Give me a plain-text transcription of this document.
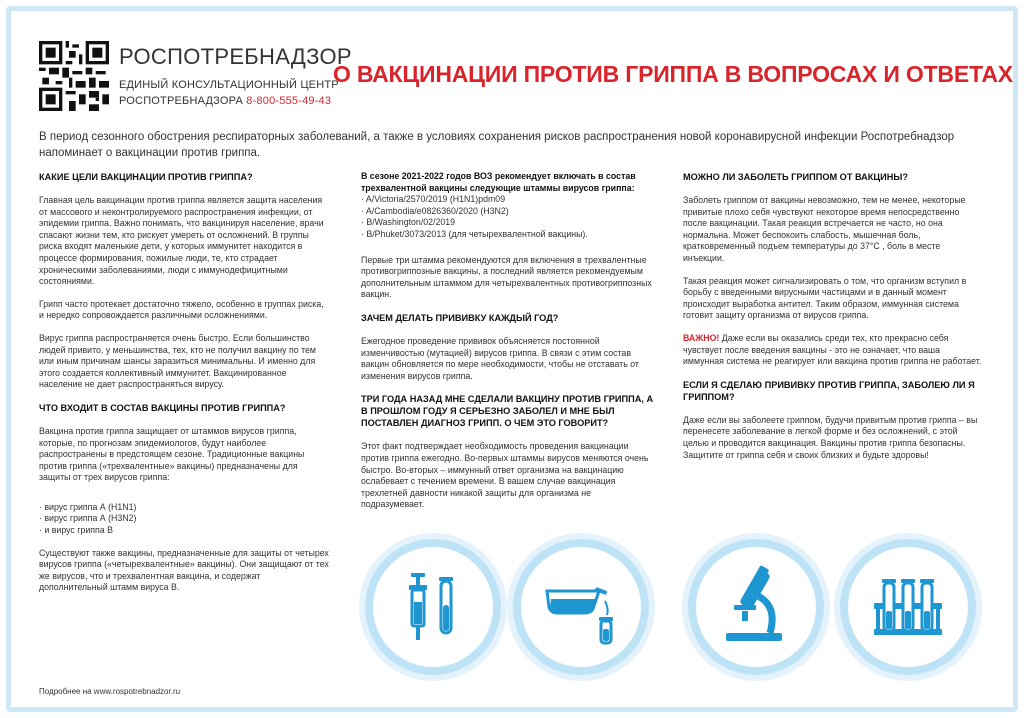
РОСПОТРЕБНАДЗОР
ЕДИНЫЙ КОНСУЛЬТАЦИОННЫЙ ЦЕНТР
РОСПОТРЕБНАДЗОРА 8-800-555-49-43
О ВАКЦИНАЦИИ ПРОТИВ ГРИППА В ВОПРОСАХ И ОТВЕТАХ
В период сезонного обострения респираторных заболеваний, а также в условиях сохранения рисков распространения новой коронавирусной инфекции Роспотребнадзор напоминает о вакцинации против гриппа.
КАКИЕ ЦЕЛИ ВАКЦИНАЦИИ ПРОТИВ ГРИППА?
Главная цель вакцинации против гриппа является защита населения от массового и неконтролируемого распространения инфекции, от эпидемии гриппа. Важно понимать, что вакцинируя население, врачи спасают жизни тем, кто рискует умереть от осложнений. В группы риска входят маленькие дети, у которых иммунитет находится в процессе формирования, пожилые люди, те, кто страдает хроническими заболеваниями, люди с иммунодефицитными состояниями.
Грипп часто протекает достаточно тяжело, особенно в группах риска, и нередко сопровождается различными осложнениями.
Вирус гриппа распространяется очень быстро. Если большинство людей привито, у меньшинства, тех, кто не получил вакцину по тем или иным причинам шансы заразиться минимальны. И именно для этого создается коллективный иммунитет. Вакцинированное население не дает распространяться вирусу.
ЧТО ВХОДИТ В СОСТАВ ВАКЦИНЫ ПРОТИВ ГРИППА?
Вакцина против гриппа защищает от штаммов вирусов гриппа, которые, по прогнозам эпидемиологов, будут наиболее распространены в предстоящем сезоне. Традиционные вакцины против гриппа («трехвалентные» вакцины) предназначены для защиты от трех вирусов гриппа:
· вирус гриппа А (H1N1)
· вирус гриппа А (H3N2)
· и вирус гриппа В
Существуют также вакцины, предназначенные для защиты от четырех вирусов гриппа («четырехвалентные» вакцины). Они защищают от тех же вирусов, что и трехвалентная вакцина, и содержат дополнительный штамм вируса В.
В сезоне 2021-2022 годов ВОЗ рекомендует включать в состав трехвалентной вакцины следующие штаммы вирусов гриппа:
· A/Victoria/2570/2019 (H1N1)pdm09
· A/Cambodia/e0826360/2020 (H3N2)
· B/Washington/02/2019
· B/Phuket/3073/2013 (для четырехвалентной вакцины).
Первые три штамма рекомендуются для включения в трехвалентные противогриппозные вакцины, а последний является рекомендуемым дополнительным штаммом для четырехвалентных противогриппозных вакцин.
ЗАЧЕМ ДЕЛАТЬ ПРИВИВКУ КАЖДЫЙ ГОД?
Ежегодное проведение прививок объясняется постоянной изменчивостью (мутацией) вирусов гриппа. В связи с этим состав вакцин обновляется по мере необходимости, чтобы не отставать от изменения вирусов гриппа.
ТРИ ГОДА НАЗАД МНЕ СДЕЛАЛИ ВАКЦИНУ ПРОТИВ ГРИППА, А В ПРОШЛОМ ГОДУ Я СЕРЬЕЗНО ЗАБОЛЕЛ И МНЕ БЫЛ ПОСТАВЛЕН ДИАГНОЗ ГРИПП. О ЧЕМ ЭТО ГОВОРИТ?
Этот факт подтверждает необходимость проведения вакцинации против гриппа ежегодно. Во-первых штаммы вирусов меняются очень быстро. Во-вторых – иммунный ответ организма на вакцинацию ослабевает с течением времени. В вашем случае вакцинация трехлетней давности никакой защиты для организма не подразумевает.
МОЖНО ЛИ ЗАБОЛЕТЬ ГРИППОМ ОТ ВАКЦИНЫ?
Заболеть гриппом от вакцины невозможно, тем не менее, некоторые привитые плохо себя чувствуют некоторое время непосредственно после вакцинации. Такая реакция встречается не часто, но она нормальна. Может беспокоить слабость, мышечная боль, кратковременный подъем температуры до 37°С , боль в месте инъекции.
Такая реакция может сигнализировать о том, что организм вступил в борьбу с введенными вирусными частицами и в данный момент происходит выработка антител. Таким образом, иммунная система готовит защиту организма от вирусов гриппа.
ВАЖНО! Даже если вы оказались среди тех, кто прекрасно себя чувствует после введения вакцины - это не означает, что ваша иммунная система не реагирует или вакцина против гриппа не работает.
ЕСЛИ Я СДЕЛАЮ ПРИВИВКУ ПРОТИВ ГРИППА, ЗАБОЛЕЮ ЛИ Я ГРИППОМ?
Даже если вы заболеете гриппом, будучи привитым против гриппа – вы перенесете заболевание в легкой форме и без осложнений, с этой целью и проводится вакцинация. Вакцины против гриппа безопасны. Защитите от гриппа себя и своих близких и будьте здоровы!
Подробнее на www.rospotrebnadzor.ru
